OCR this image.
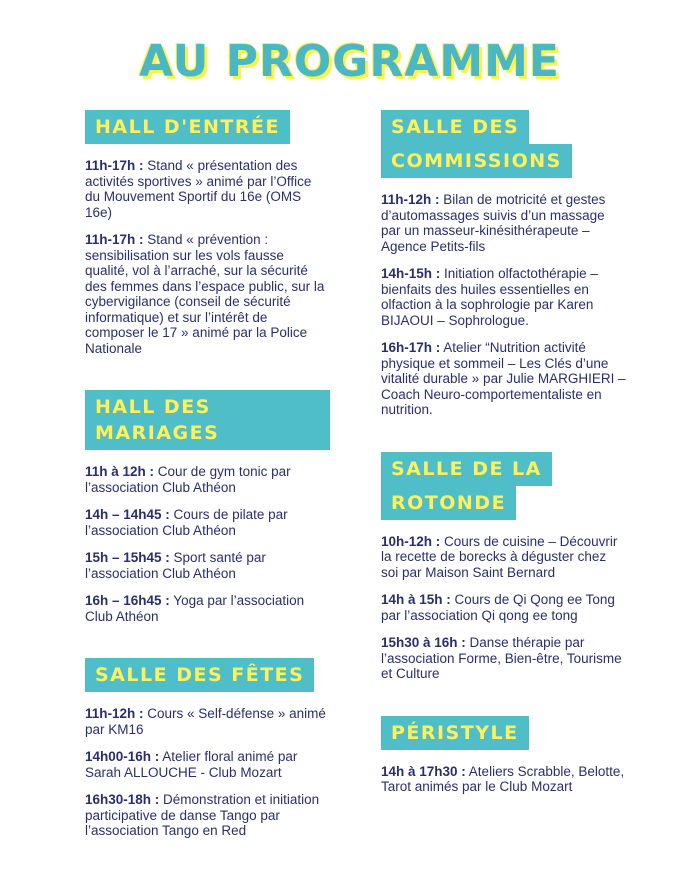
AU PROGRAMME
HALL D'ENTRÉE
11h-17h : Stand « présentation des activités sportives » animé par l’Office du Mouvement Sportif du 16e (OMS 16e)
11h-17h : Stand « prévention : sensibilisation sur les vols fausse qualité, vol à l’arraché, sur la sécurité des femmes dans l’espace public, sur la cybervigilance (conseil de sécurité informatique) et sur l’intérêt de composer le 17 » animé par la Police Nationale
HALL DES MARIAGES
11h à 12h : Cour de gym tonic par l’association Club Athéon
14h – 14h45 : Cours de pilate par l’association Club Athéon
15h – 15h45 : Sport santé par l’association Club Athéon
16h – 16h45 : Yoga par l’association Club Athéon
SALLE DES FÊTES
11h-12h : Cours « Self-défense » animé par KM16
14h00-16h : Atelier floral animé par Sarah ALLOUCHE - Club Mozart
16h30-18h : Démonstration et initiation participative de danse Tango par l’association Tango en Red
SALLE DES
COMMISSIONS
11h-12h : Bilan de motricité et gestes d’automassages suivis d’un massage par un masseur-kinésithérapeute – Agence Petits-fils
14h-15h : Initiation olfactothérapie – bienfaits des huiles essentielles en olfaction à la sophrologie par Karen BIJAOUI – Sophrologue.
16h-17h : Atelier “Nutrition activité physique et sommeil – Les Clés d’une vitalité durable » par Julie MARGHIERI – Coach Neuro-comportementaliste en nutrition.
SALLE DE LA
ROTONDE
10h-12h : Cours de cuisine – Découvrir la recette de borecks à déguster chez soi par Maison Saint Bernard
14h à 15h : Cours de Qi Qong ee Tong par l’association Qi qong ee tong
15h30 à 16h : Danse thérapie par l’association Forme, Bien-être, Tourisme et Culture
PÉRISTYLE
14h à 17h30 : Ateliers Scrabble, Belotte, Tarot animés par le Club Mozart
